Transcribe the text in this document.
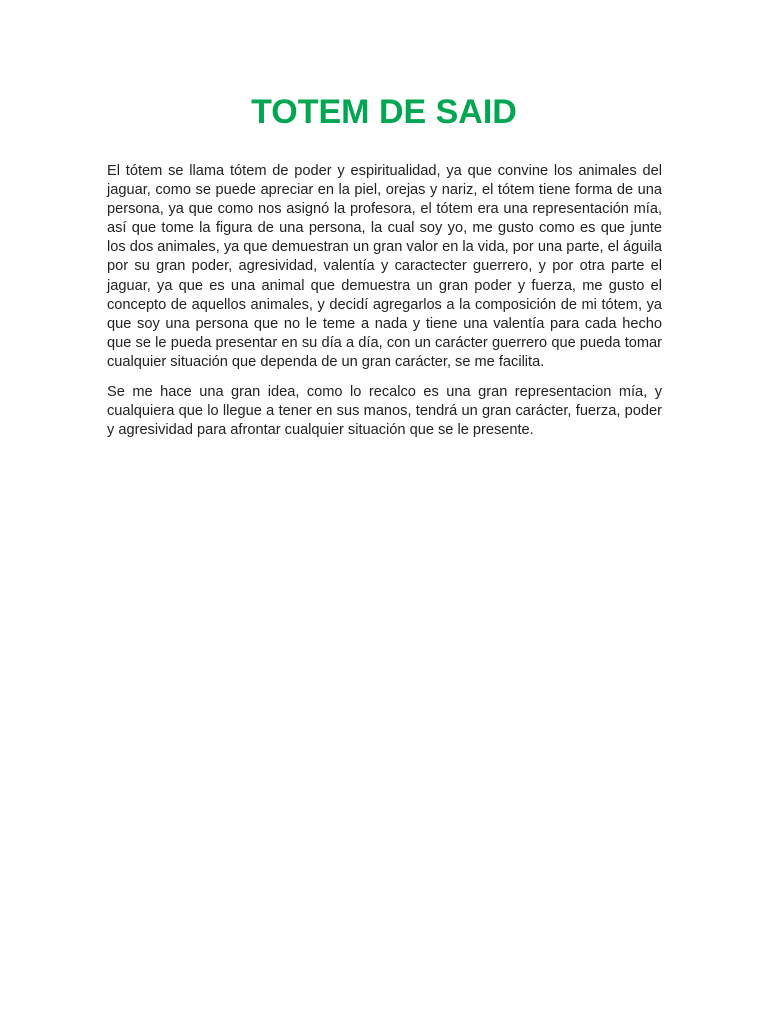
TOTEM DE SAID

El tótem se llama tótem de poder y espiritualidad, ya que convine los animales del jaguar, como se puede apreciar en la piel, orejas y nariz, el tótem tiene forma de una persona, ya que como nos asignó la profesora, el tótem era una representación mía, así que tome la figura de una persona, la cual soy yo, me gusto como es que junte los dos animales, ya que demuestran un gran valor en la vida, por una parte, el águila por su gran poder, agresividad, valentía y caractecter guerrero, y por otra parte el jaguar, ya que es una animal que demuestra un gran poder y fuerza, me gusto el concepto de aquellos animales, y decidí agregarlos a la composición de mi tótem, ya que soy una persona que no le teme a nada y tiene una valentía para cada hecho que se le pueda presentar en su día a día, con un carácter guerrero que pueda tomar cualquier situación que dependa de un gran carácter, se me facilita.

Se me hace una gran idea, como lo recalco es una gran representacion mía, y cualquiera que lo llegue a tener en sus manos, tendrá un gran carácter, fuerza, poder y agresividad para afrontar cualquier situación que se le presente.
